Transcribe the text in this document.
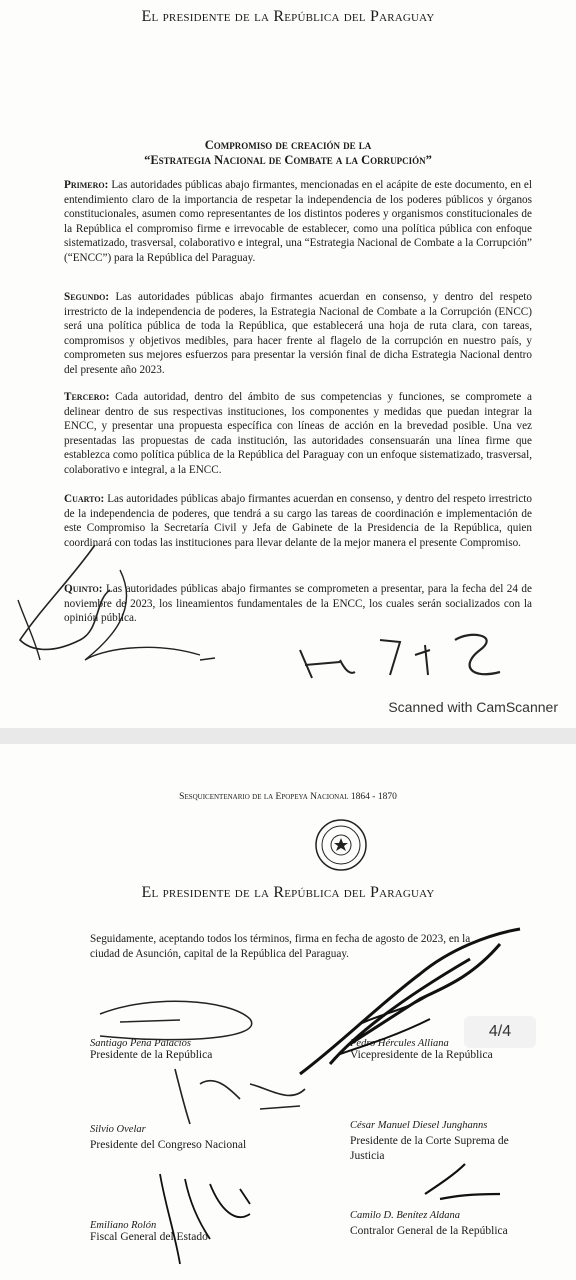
El presidente de la República del Paraguay
Compromiso de creación de la
“Estrategia Nacional de Combate a la Corrupción”
Primero: Las autoridades públicas abajo firmantes, mencionadas en el acápite de este documento, en el entendimiento claro de la importancia de respetar la independencia de los poderes públicos y órganos constitucionales, asumen como representantes de los distintos poderes y organismos constitucionales de la República el compromiso firme e irrevocable de establecer, como una política pública con enfoque sistematizado, trasversal, colaborativo e integral, una “Estrategia Nacional de Combate a la Corrupción” (“ENCC”) para la República del Paraguay.
Segundo: Las autoridades públicas abajo firmantes acuerdan en consenso, y dentro del respeto irrestricto de la independencia de poderes, la Estrategia Nacional de Combate a la Corrupción (ENCC) será una política pública de toda la República, que establecerá una hoja de ruta clara, con tareas, compromisos y objetivos medibles, para hacer frente al flagelo de la corrupción en nuestro país, y comprometen sus mejores esfuerzos para presentar la versión final de dicha Estrategia Nacional dentro del presente año 2023.
Tercero: Cada autoridad, dentro del ámbito de sus competencias y funciones, se compromete a delinear dentro de sus respectivas instituciones, los componentes y medidas que puedan integrar la ENCC, y presentar una propuesta específica con líneas de acción en la brevedad posible. Una vez presentadas las propuestas de cada institución, las autoridades consensuarán una línea firme que establezca como política pública de la República del Paraguay con un enfoque sistematizado, trasversal, colaborativo e integral, a la ENCC.
Cuarto: Las autoridades públicas abajo firmantes acuerdan en consenso, y dentro del respeto irrestricto de la independencia de poderes, que tendrá a su cargo las tareas de coordinación e implementación de este Compromiso la Secretaría Civil y Jefa de Gabinete de la Presidencia de la República, quien coordinará con todas las instituciones para llevar delante de la mejor manera el presente Compromiso.
Quinto: Las autoridades públicas abajo firmantes se comprometen a presentar, para la fecha del 24 de noviembre de 2023, los lineamientos fundamentales de la ENCC, los cuales serán socializados con la opinión pública.
Scanned with CamScanner
Sesquicentenario de la Epopeya Nacional 1864 - 1870
El presidente de la República del Paraguay
Seguidamente, aceptando todos los términos, firma en fecha de agosto de 2023, en la
ciudad de Asunción, capital de la República del Paraguay.
Santiago Peña Palacios
Presidente de la República
Pedro Hércules Alliana
Vicepresidente de la República
Silvio Ovelar
Presidente del Congreso Nacional
César Manuel Diesel Junghanns
Presidente de la Corte Suprema de Justicia
Emiliano Rolón
Fiscal General del Estado
Camilo D. Benítez Aldana
Contralor General de la República
4/4
